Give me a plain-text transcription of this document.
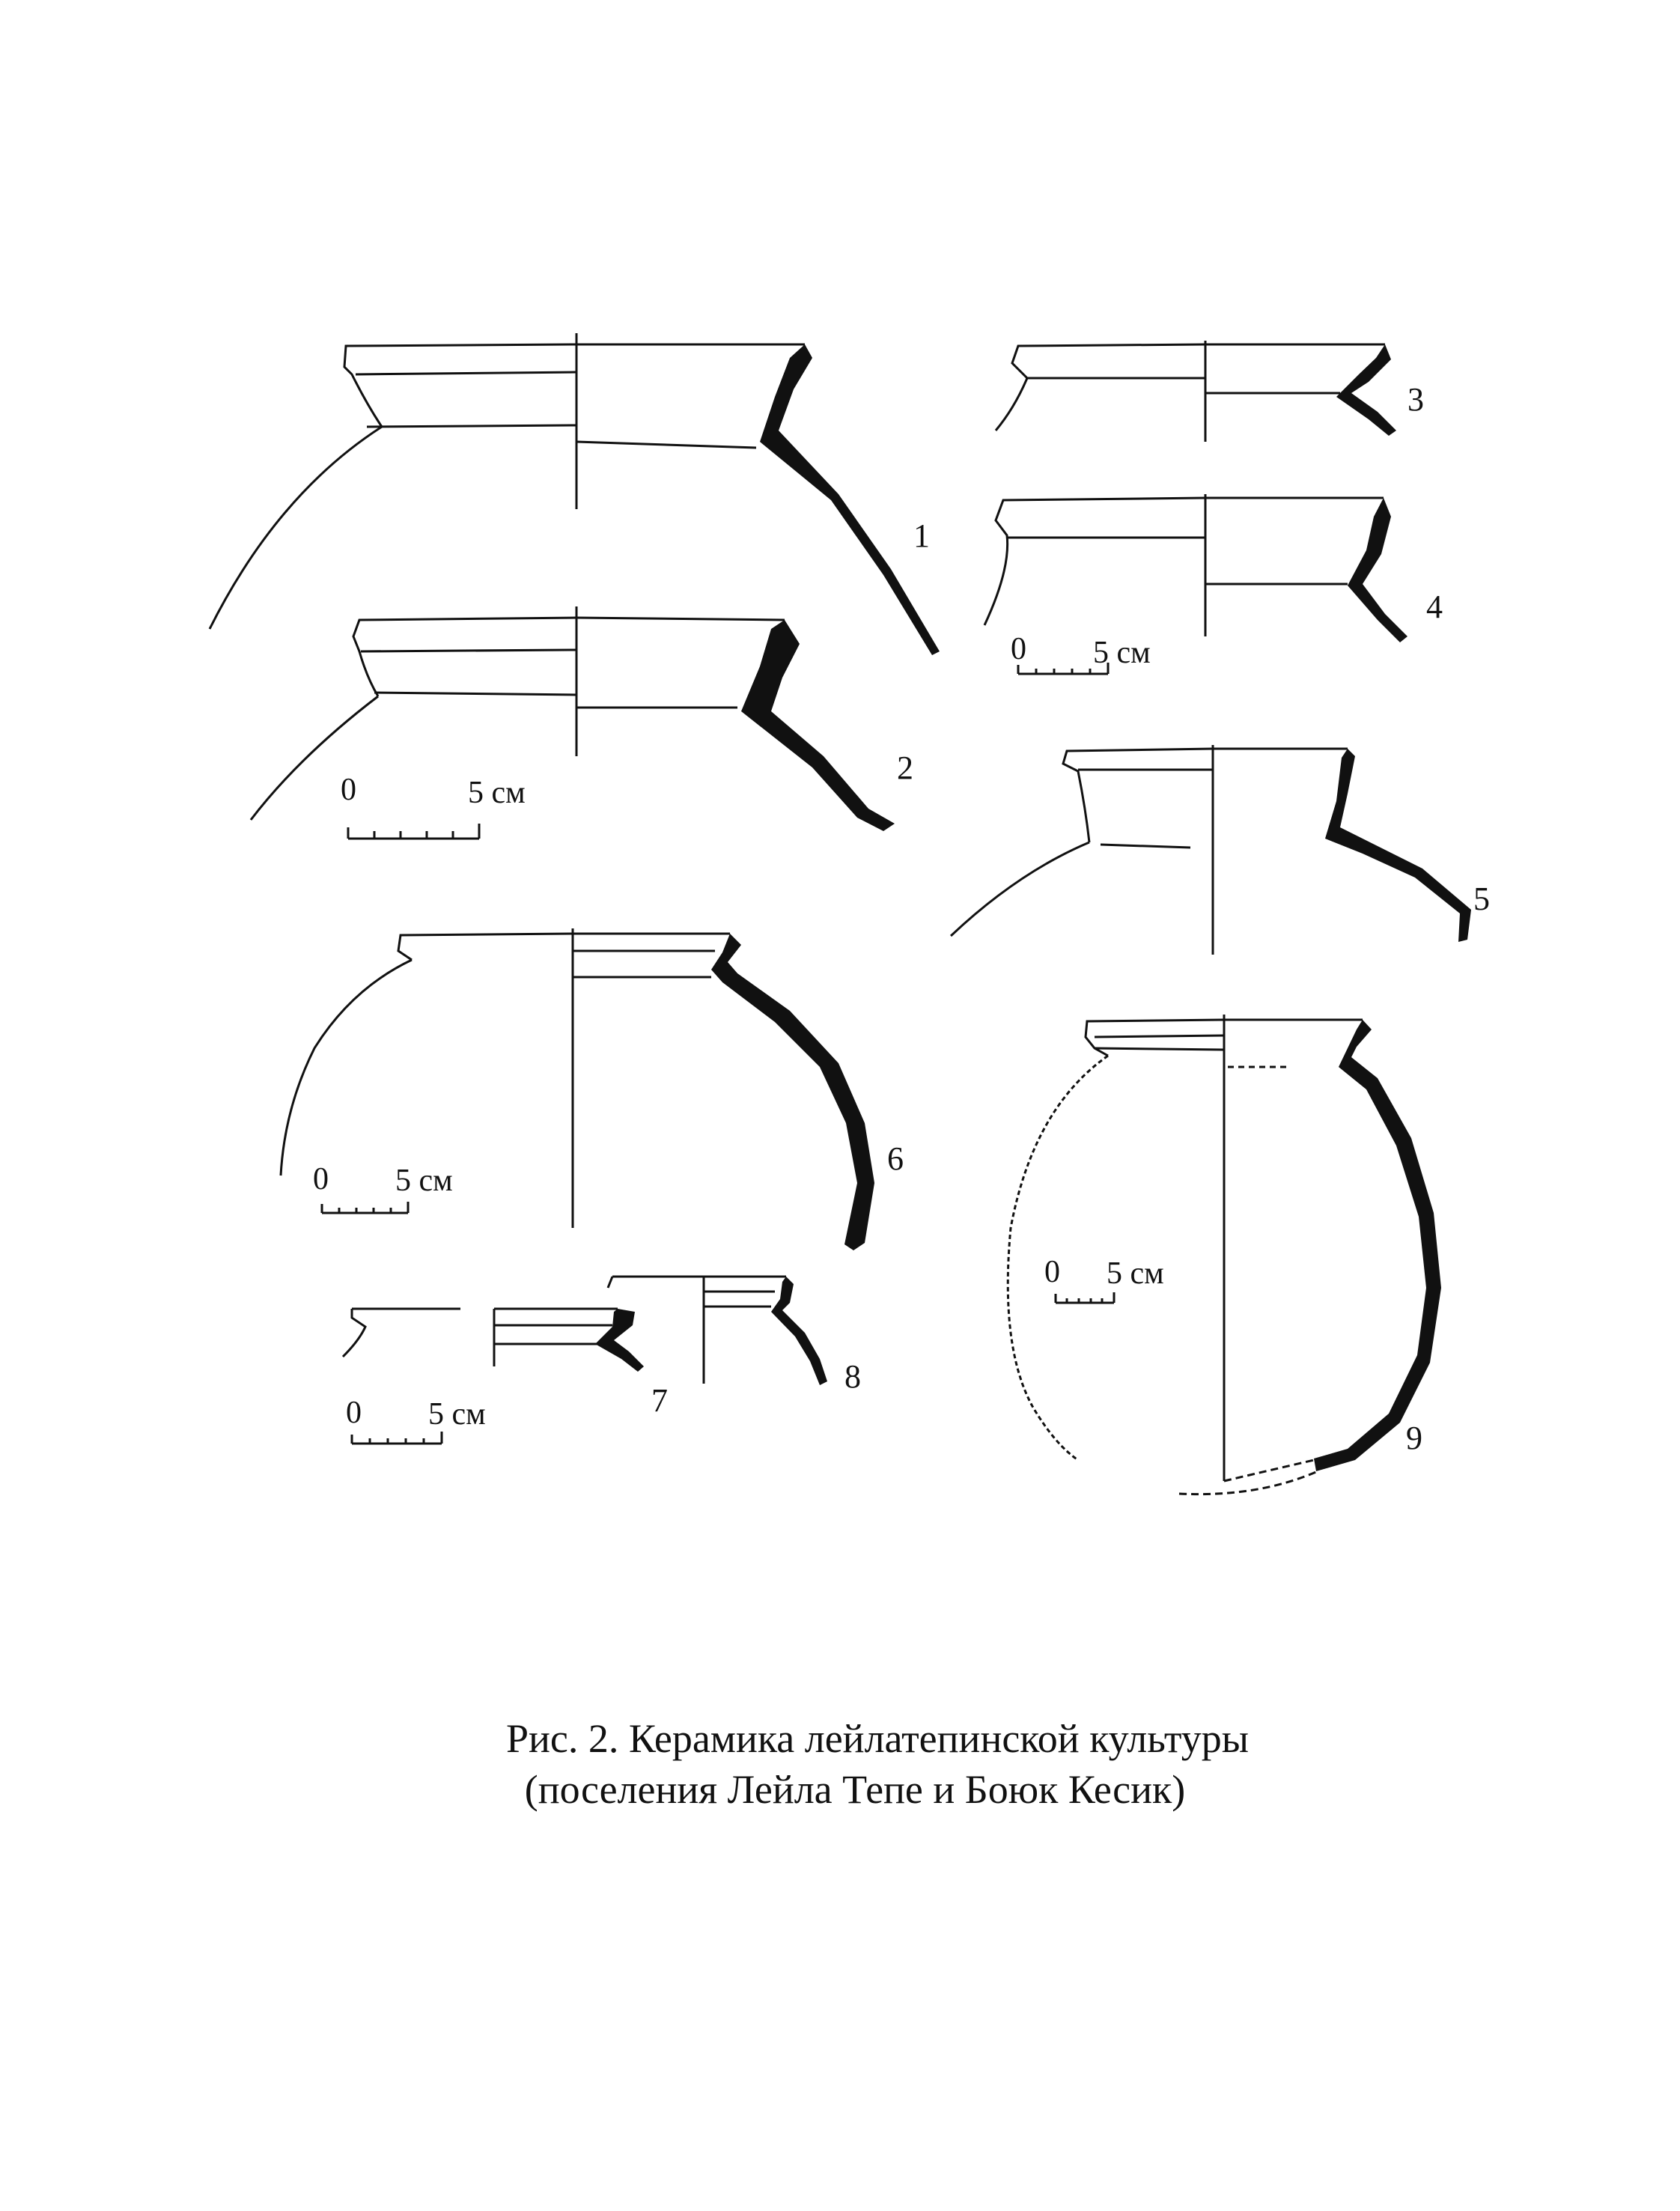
1
2
0	5 см
3
4
0 5 см
5
6
0 5 см
7
8
0 5 см
9
0 5 см
Рис. 2. Керамика лейлатепинской культуры
(поселения Лейла Тепе и Боюк Кесик)
